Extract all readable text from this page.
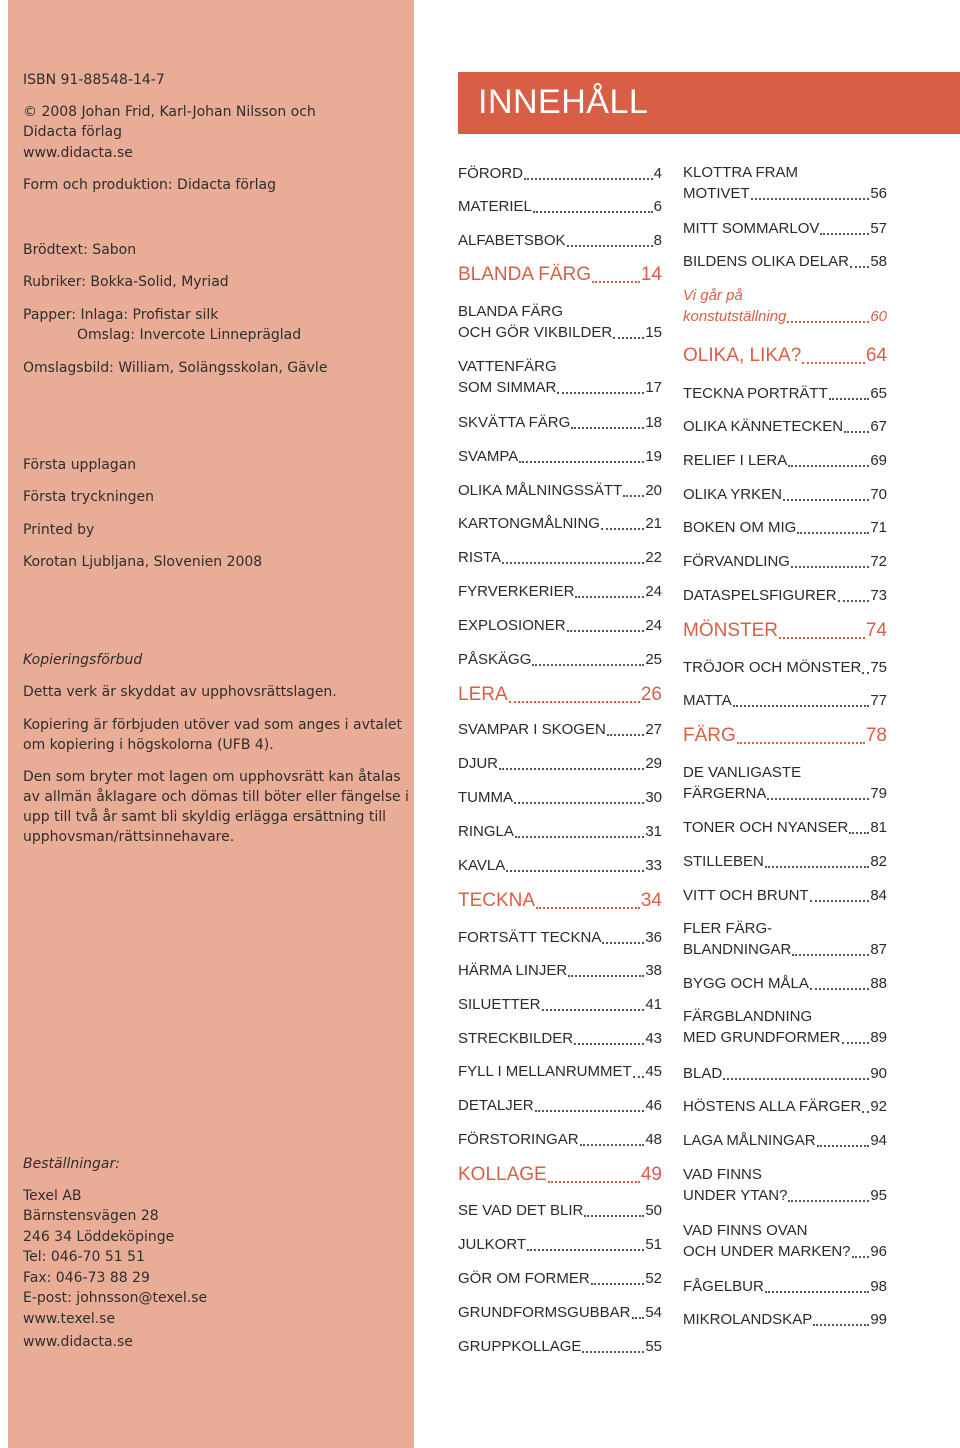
ISBN 91-88548-14-7
© 2008 Johan Frid, Karl-Johan Nilsson och
Didacta förlag
www.didacta.se
Form och produktion: Didacta förlag
Brödtext: Sabon
Rubriker: Bokka-Solid, Myriad
Papper: Inlaga: Profistar silk
Omslag: Invercote Linnepräglad
Omslagsbild: William, Solängsskolan, Gävle
Första upplagan
Första tryckningen
Printed by
Korotan Ljubljana, Slovenien 2008
Kopieringsförbud
Detta verk är skyddat av upphovsrättslagen.
Kopiering är förbjuden utöver vad som anges i avtalet om kopiering i högskolorna (UFB 4).
Den som bryter mot lagen om upphovsrätt kan åtalas av allmän åklagare och dömas till böter eller fängelse i upp till två år samt bli skyldig erlägga ersättning till upphovsman/rättsinnehavare.
Beställningar:
Texel AB
Bärnstensvägen 28
246 34 Löddeköpinge
Tel: 046-70 51 51
Fax: 046-73 88 29
E-post: johnsson@texel.se
www.texel.se
www.didacta.se
INNEHÅLL
FÖRORD	4
MATERIEL	6
ALFABETSBOK	8
BLANDA FÄRG	14
BLANDA FÄRG
OCH GÖR VIKBILDER 15
VATTENFÄRG
SOM SIMMAR	17
SKVÄTTA FÄRG	18
SVAMPA	19
OLIKA MÅLNINGSSÄTT 20
KARTONGMÅLNING	21
RISTA	22
FYRVERKERIER	24
EXPLOSIONER	24
PÅSKÄGG	25
LERA	26
SVAMPAR I SKOGEN	27
DJUR	29
TUMMA	30
RINGLA	31
KAVLA	33
TECKNA	34
FORTSÄTT TECKNA	36
HÄRMA LINJER	38
SILUETTER	41
STRECKBILDER	43
FYLL I MELLANRUMMET 45
DETALJER	46
FÖRSTORINGAR	48
KOLLAGE	49
SE VAD DET BLIR	50
JULKORT	51
GÖR OM FORMER	52
GRUNDFORMSGUBBAR 54
GRUPPKOLLAGE	55
KLOTTRA FRAM
MOTIVET	56
MITT SOMMARLOV	57
BILDENS OLIKA DELAR 58
Vi går på
konstutställning	60
OLIKA, LIKA?	64
TECKNA PORTRÄTT	65
OLIKA KÄNNETECKEN 67
RELIEF I LERA	69
OLIKA YRKEN	70
BOKEN OM MIG	71
FÖRVANDLING	72
DATASPELSFIGURER 73
MÖNSTER	74
TRÖJOR OCH MÖNSTER 75
MATTA	77
FÄRG	78
DE VANLIGASTE
FÄRGERNA	79
TONER OCH NYANSER 81
STILLEBEN	82
VITT OCH BRUNT	84
FLER FÄRG-
BLANDNINGAR	87
BYGG OCH MÅLA	88
FÄRGBLANDNING
MED GRUNDFORMER 89
BLAD	90
HÖSTENS ALLA FÄRGER 92
LAGA MÅLNINGAR	94
VAD FINNS
UNDER YTAN?	95
VAD FINNS OVAN
OCH UNDER MARKEN? 96
FÅGELBUR	98
MIKROLANDSKAP	99
